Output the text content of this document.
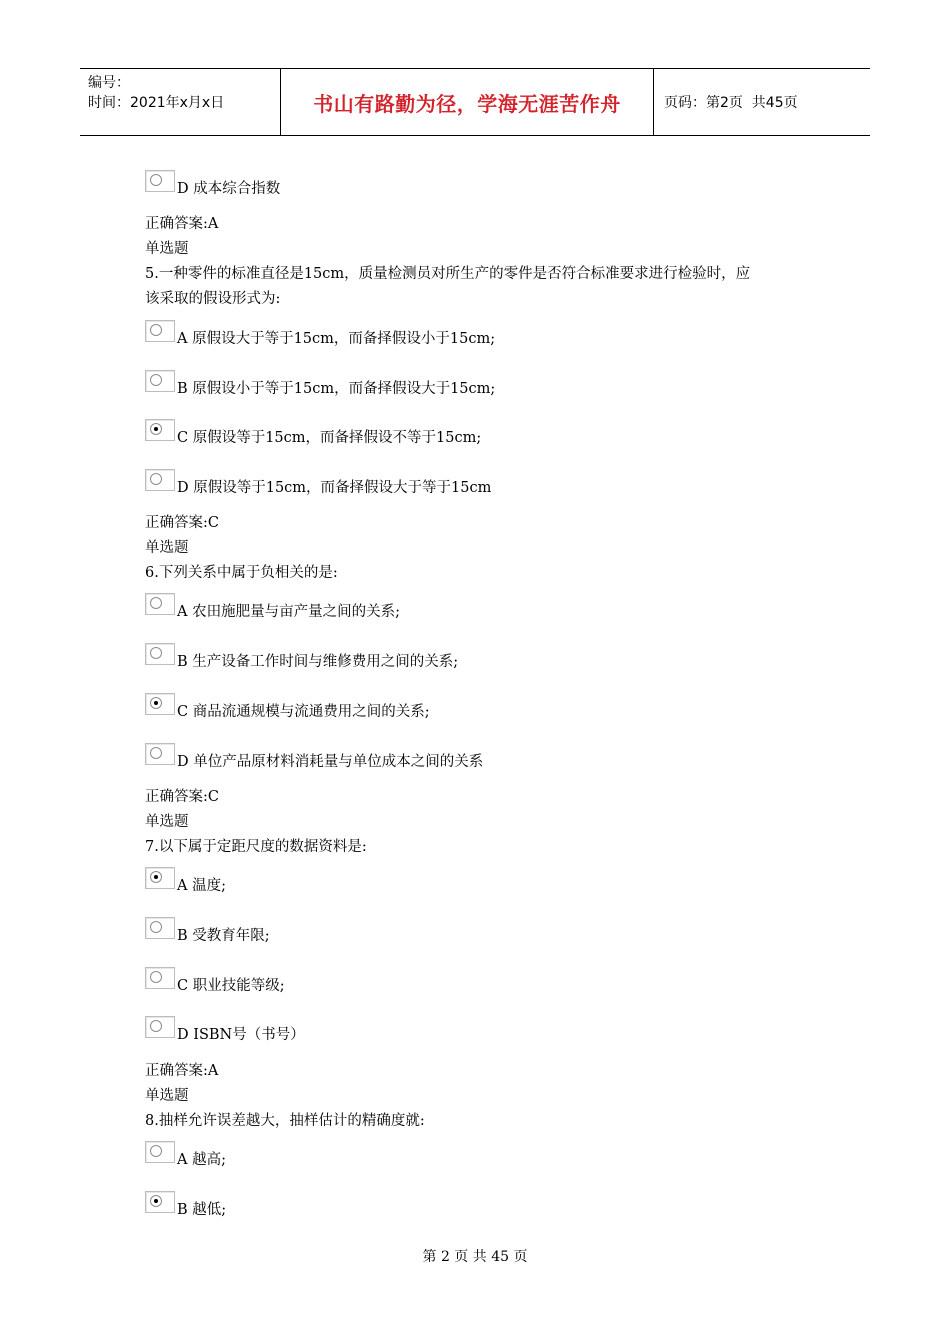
编号：
时间：2021年x月x日	书山有路勤为径，学海无涯苦作舟	页码：第2页  共45页
D 成本综合指数
正确答案:A
单选题
5.一种零件的标准直径是15cm，质量检测员对所生产的零件是否符合标准要求进行检验时，应
该采取的假设形式为:
A 原假设大于等于15cm，而备择假设小于15cm;
B 原假设小于等于15cm，而备择假设大于15cm;
C 原假设等于15cm，而备择假设不等于15cm;
D 原假设等于15cm，而备择假设大于等于15cm
正确答案:C
单选题
6.下列关系中属于负相关的是:
A 农田施肥量与亩产量之间的关系;
B 生产设备工作时间与维修费用之间的关系;
C 商品流通规模与流通费用之间的关系;
D 单位产品原材料消耗量与单位成本之间的关系
正确答案:C
单选题
7.以下属于定距尺度的数据资料是:
A 温度;
B 受教育年限;
C 职业技能等级;
D ISBN号（书号）
正确答案:A
单选题
8.抽样允许误差越大，抽样估计的精确度就:
A 越高;
B 越低;
第 2 页 共 45 页
